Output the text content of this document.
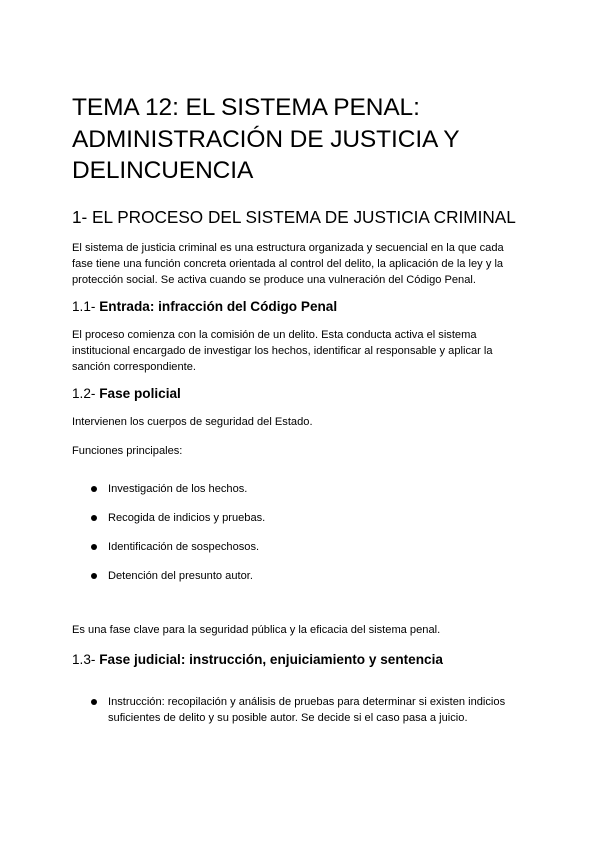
TEMA 12: EL SISTEMA PENAL:
ADMINISTRACIÓN DE JUSTICIA Y
DELINCUENCIA
1- EL PROCESO DEL SISTEMA DE JUSTICIA CRIMINAL

El sistema de justicia criminal es una estructura organizada y secuencial en la que cada
fase tiene una función concreta orientada al control del delito, la aplicación de la ley y la
protección social. Se activa cuando se produce una vulneración del Código Penal.

1.1- Entrada: infracción del Código Penal

El proceso comienza con la comisión de un delito. Esta conducta activa el sistema
institucional encargado de investigar los hechos, identificar al responsable y aplicar la
sanción correspondiente.

1.2- Fase policial

Intervienen los cuerpos de seguridad del Estado.

Funciones principales:

Investigación de los hechos.
Recogida de indicios y pruebas.
Identificación de sospechosos.
Detención del presunto autor.

Es una fase clave para la seguridad pública y la eficacia del sistema penal.

1.3- Fase judicial: instrucción, enjuiciamiento y sentencia

Instrucción: recopilación y análisis de pruebas para determinar si existen indicios
suficientes de delito y su posible autor. Se decide si el caso pasa a juicio.
